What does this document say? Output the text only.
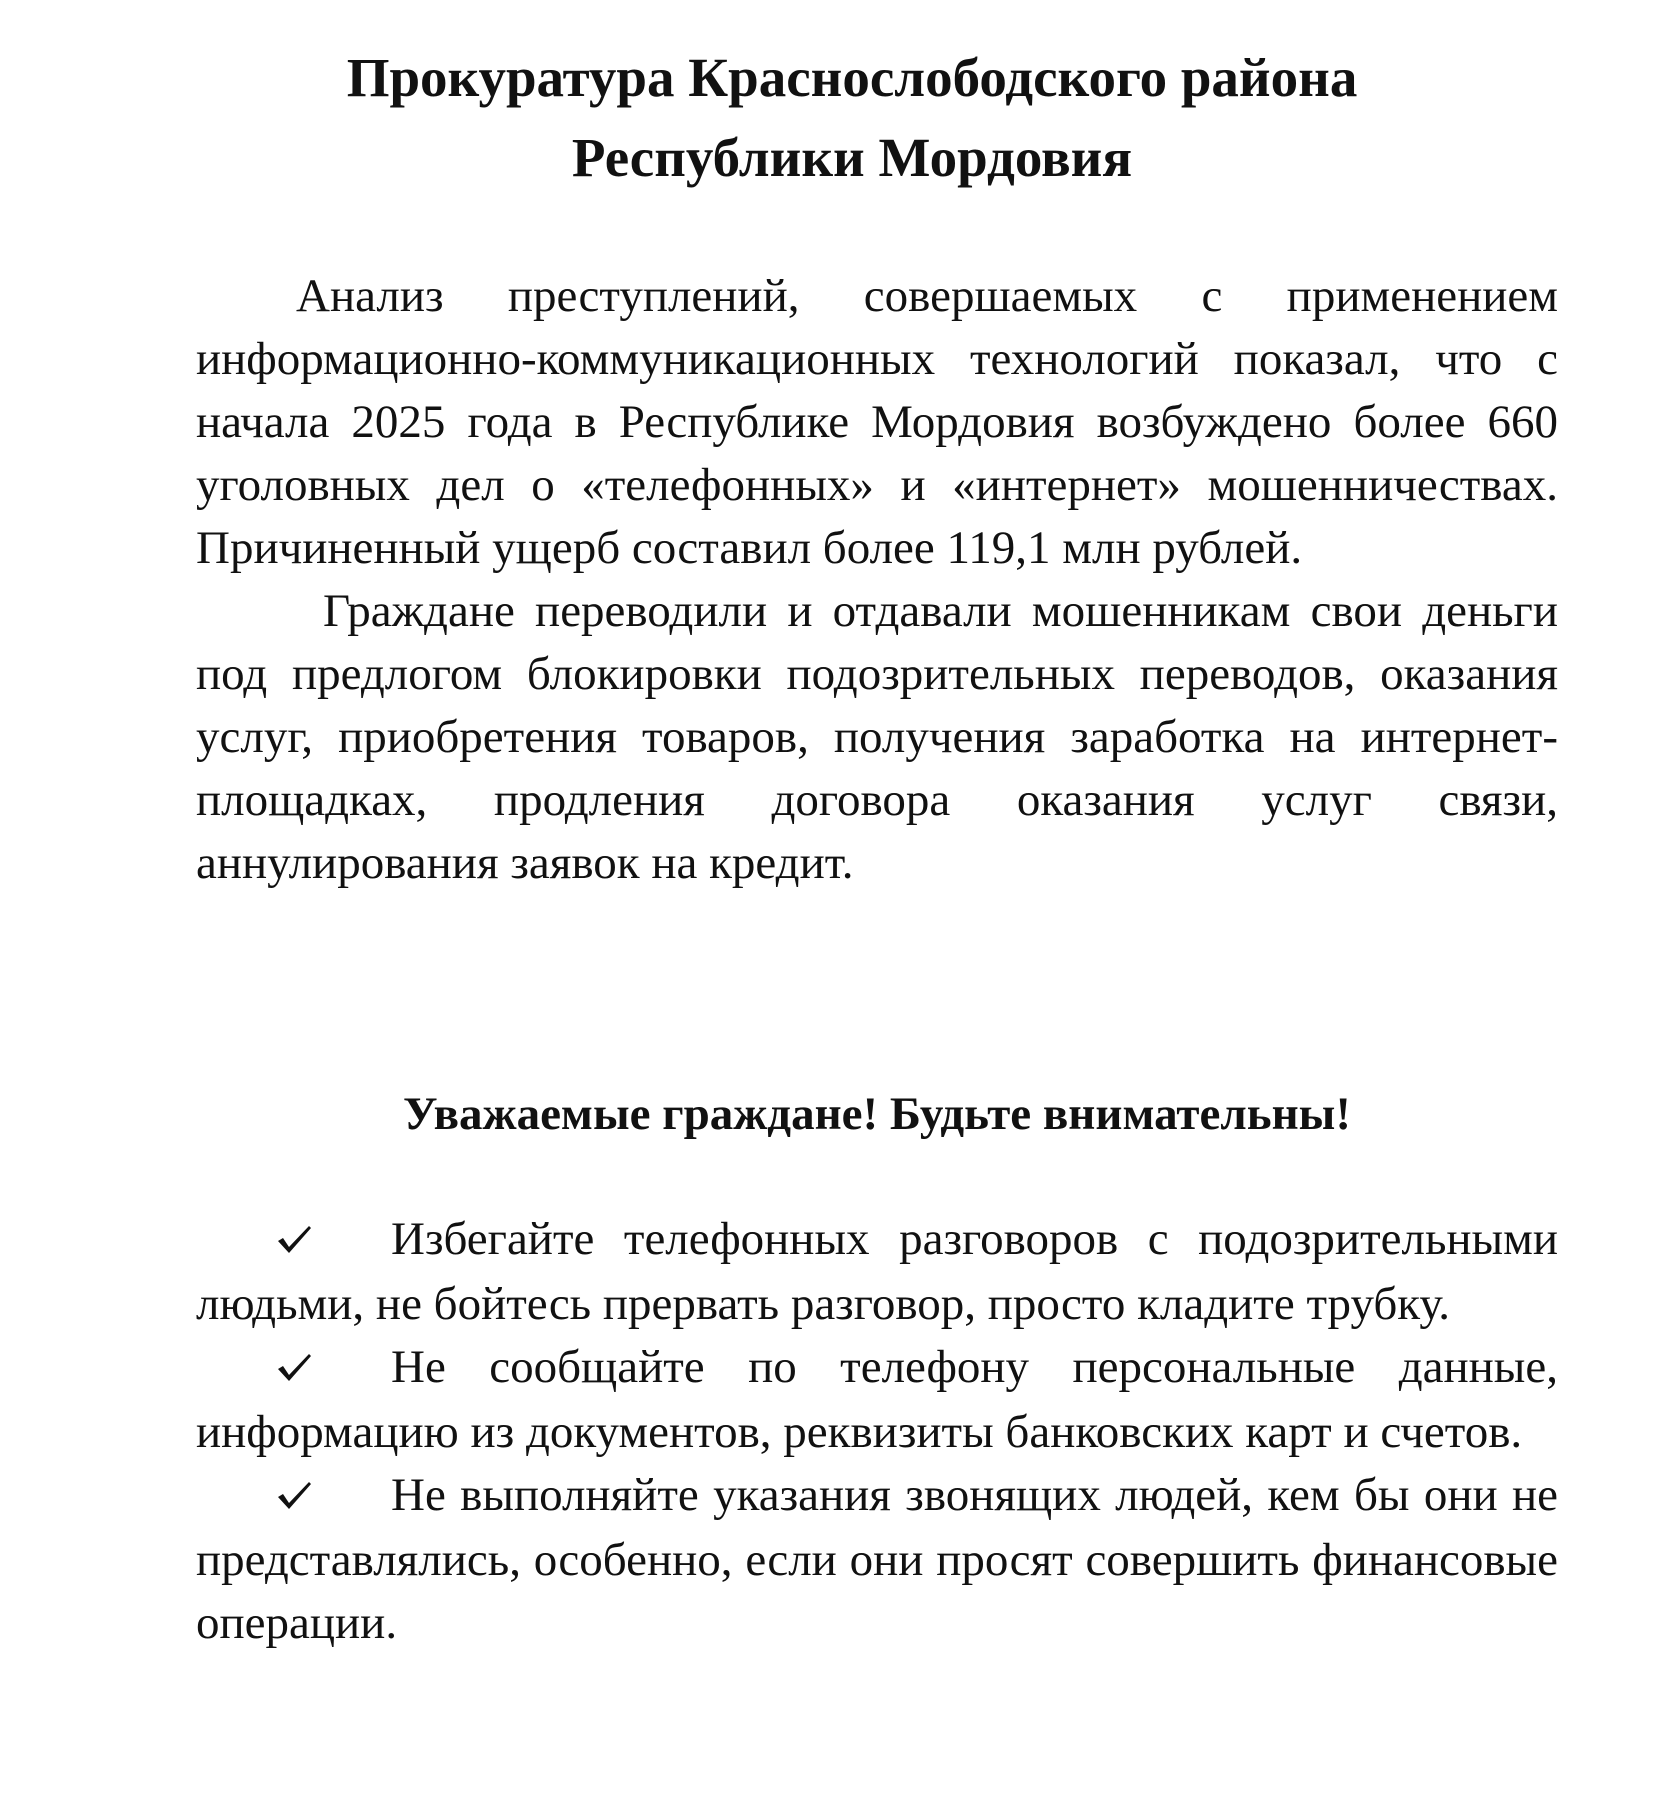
Прокуратура Краснослободского района
Республики Мордовия

Анализ преступлений, совершаемых с применением информационно-коммуникационных технологий показал, что с начала 2025 года в Республике Мордовия возбуждено более 660 уголовных дел о «телефонных» и «интернет» мошенничествах. Причиненный ущерб составил более 119,1 млн рублей.

Граждане переводили и отдавали мошенникам свои деньги под предлогом блокировки подозрительных переводов, оказания услуг, приобретения товаров, получения заработка на интернет-площадках, продления договора оказания услуг связи, аннулирования заявок на кредит.

Уважаемые граждане! Будьте внимательны!
Избегайте телефонных разговоров с подозрительными людьми, не бойтесь прервать разговор, просто кладите трубку.
Не сообщайте по телефону персональные данные, информацию из документов, реквизиты банковских карт и счетов.
Не выполняйте указания звонящих людей, кем бы они не представлялись, особенно, если они просят совершить финансовые операции.
